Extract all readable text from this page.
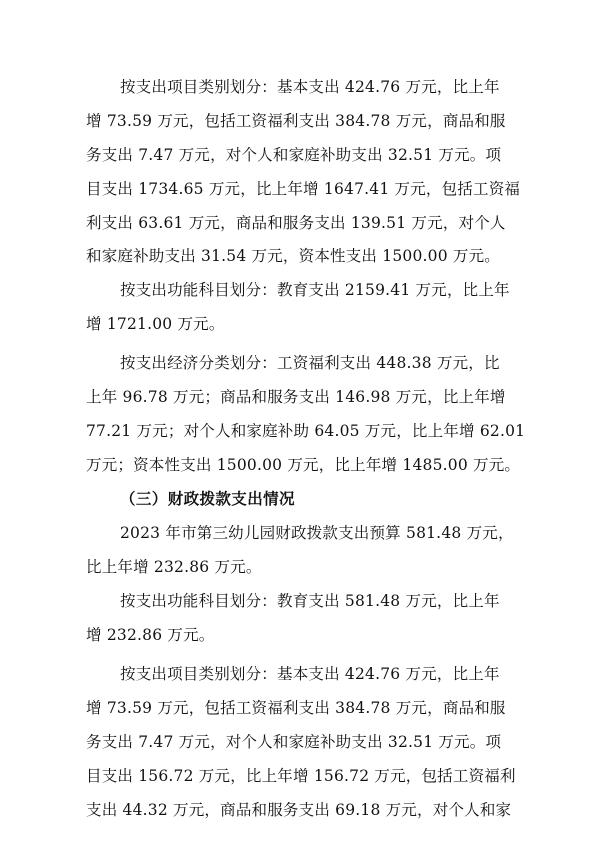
按支出项目类别划分：基本支出 424.76 万元，比上年
增 73.59 万元，包括工资福利支出 384.78 万元，商品和服
务支出 7.47 万元，对个人和家庭补助支出 32.51 万元。项
目支出 1734.65 万元，比上年增 1647.41 万元，包括工资福
利支出 63.61 万元，商品和服务支出 139.51 万元，对个人
和家庭补助支出 31.54 万元，资本性支出 1500.00 万元。
按支出功能科目划分：教育支出 2159.41 万元，比上年
增 1721.00 万元。
按支出经济分类划分：工资福利支出 448.38 万元，比
上年 96.78 万元；商品和服务支出 146.98 万元，比上年增
77.21 万元；对个人和家庭补助 64.05 万元，比上年增 62.01
万元；资本性支出 1500.00 万元，比上年增 1485.00 万元。
（三）财政拨款支出情况
2023 年市第三幼儿园财政拨款支出预算 581.48 万元，
比上年增 232.86 万元。
按支出功能科目划分：教育支出 581.48 万元，比上年
增 232.86 万元。
按支出项目类别划分：基本支出 424.76 万元，比上年
增 73.59 万元，包括工资福利支出 384.78 万元，商品和服
务支出 7.47 万元，对个人和家庭补助支出 32.51 万元。项
目支出 156.72 万元，比上年增 156.72 万元，包括工资福利
支出 44.32 万元，商品和服务支出 69.18 万元，对个人和家
